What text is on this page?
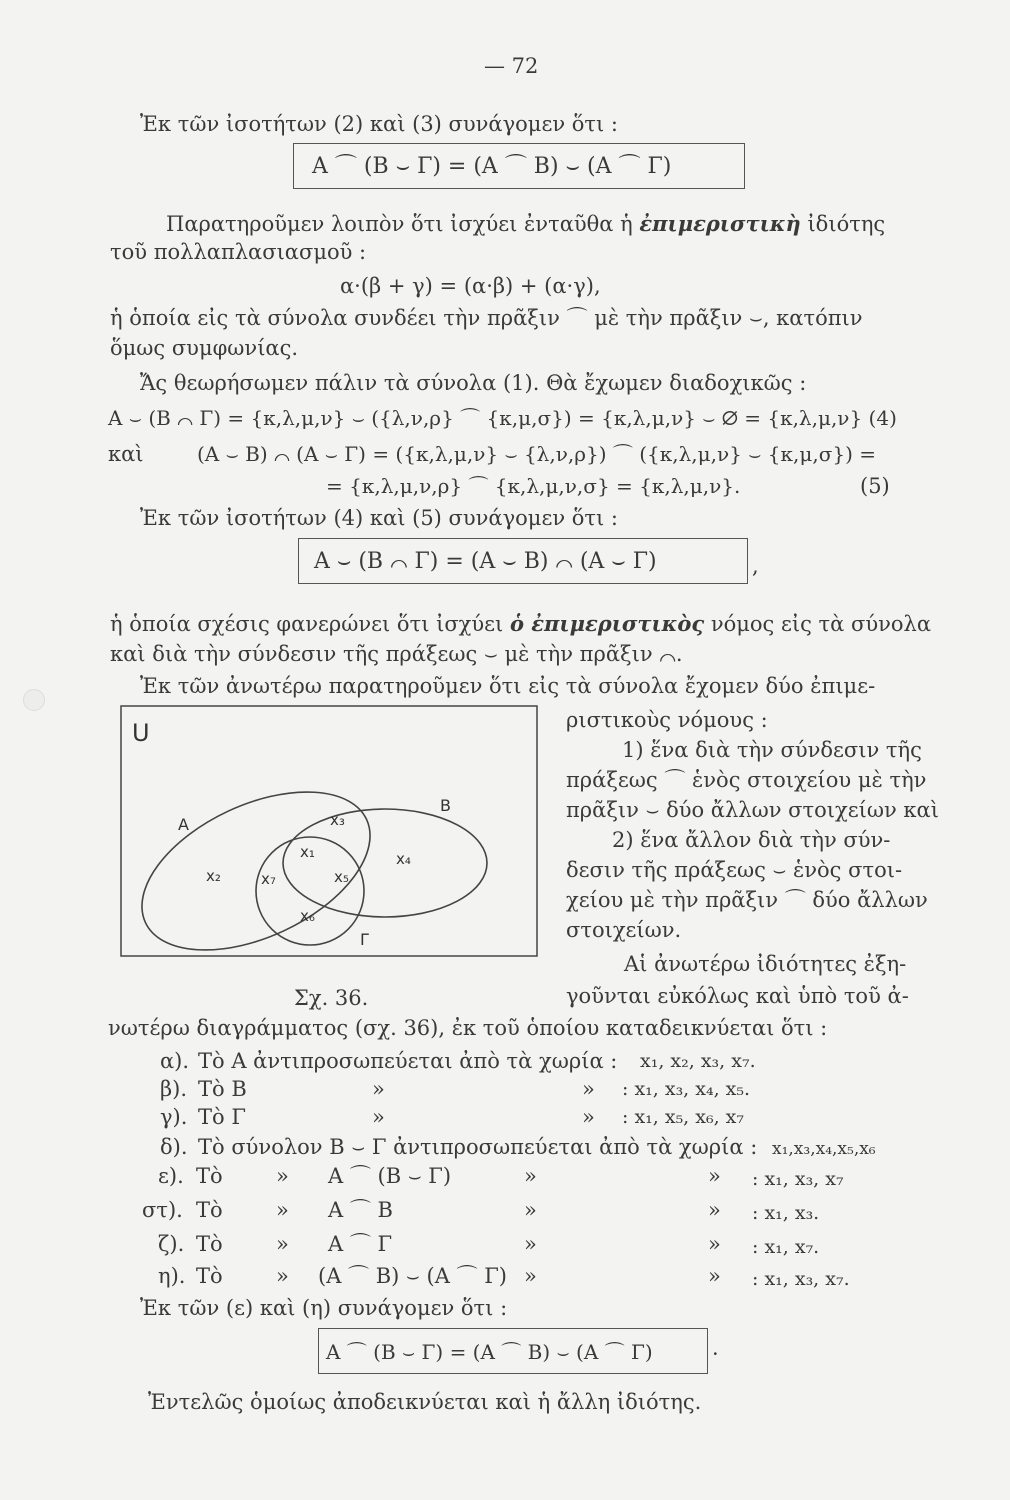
— 72
Ἐκ τῶν ἰσοτήτων (2) καὶ (3) συνάγομεν ὅτι :
A ⌒ (B ⌣ Γ) = (A ⌒ B) ⌣ (A ⌒ Γ)
Παρατηροῦμεν λοιπὸν ὅτι ἰσχύει ἐνταῦθα ἡ ἐπιμεριστικὴ ἰδιότης
τοῦ πολλαπλασιασμοῦ :
α·(β + γ) = (α·β) + (α·γ),
ἡ ὁποία εἰς τὰ σύνολα συνδέει τὴν πρᾶξιν ⌒ μὲ τὴν πρᾶξιν ⌣, κατόπιν
ὅμως συμφωνίας.
Ἄς θεωρήσωμεν πάλιν τὰ σύνολα (1). Θὰ ἔχωμεν διαδοχικῶς :
A ⌣ (B ⌒ Γ) = {κ,λ,μ,ν} ⌣ ({λ,ν,ρ} ⌒ {κ,μ,σ}) = {κ,λ,μ,ν} ⌣ ∅ = {κ,λ,μ,ν} (4)
καὶ	(A ⌣ B) ⌒ (A ⌣ Γ) = ({κ,λ,μ,ν} ⌣ {λ,ν,ρ}) ⌒ ({κ,λ,μ,ν} ⌣ {κ,μ,σ}) =
= {κ,λ,μ,ν,ρ} ⌒ {κ,λ,μ,ν,σ} = {κ,λ,μ,ν}.	(5)
Ἐκ τῶν ἰσοτήτων (4) καὶ (5) συνάγομεν ὅτι :
A ⌣ (B ⌒ Γ) = (A ⌣ B) ⌒ (A ⌣ Γ)	,
ἡ ὁποία σχέσις φανερώνει ὅτι ἰσχύει ὁ ἐπιμεριστικὸς νόμος εἰς τὰ σύνολα
καὶ διὰ τὴν σύνδεσιν τῆς πράξεως ⌣ μὲ τὴν πρᾶξιν ⌒.
Ἐκ τῶν ἀνωτέρω παρατηροῦμεν ὅτι εἰς τὰ σύνολα ἔχομεν δύο ἐπιμε-
ριστικοὺς νόμους :
1) ἕνα διὰ τὴν σύνδεσιν τῆς
πράξεως ⌒ ἑνὸς στοιχείου μὲ τὴν
πρᾶξιν ⌣ δύο ἄλλων στοιχείων καὶ
2) ἕνα ἄλλον διὰ τὴν σύν-
δεσιν τῆς πράξεως ⌣ ἑνὸς στοι-
χείου μὲ τὴν πρᾶξιν ⌒ δύο ἄλλων
στοιχείων.
Αἱ ἀνωτέρω ἰδιότητες ἐξη-
γοῦνται εὐκόλως καὶ ὑπὸ τοῦ ἀ-
U
A
B
Γ
x₁
x₂
x₃
x₄
x₅
x₆
x₇
Σχ. 36.
νωτέρω διαγράμματος (σχ. 36), ἐκ τοῦ ὁποίου καταδεικνύεται ὅτι :
α). Τὸ A ἀντιπροσωπεύεται ἀπὸ τὰ χωρία : x₁, x₂, x₃, x₇.
β). Τὸ B	»	» : x₁, x₃, x₄, x₅.
γ). Τὸ Γ	»	» : x₁, x₅, x₆, x₇
δ). Τὸ σύνολον B ⌣ Γ ἀντιπροσωπεύεται ἀπὸ τὰ χωρία : x₁,x₃,x₄,x₅,x₆
ε). Τὸ	» A ⌒ (B ⌣ Γ)	»	» : x₁, x₃, x₇
στ). Τὸ	» A ⌒ B	»	» : x₁, x₃.
ζ). Τὸ	» A ⌒ Γ	»	» : x₁, x₇.
η). Τὸ	» (A ⌒ B) ⌣ (A ⌒ Γ) »	» : x₁, x₃, x₇.
Ἐκ τῶν (ε) καὶ (η) συνάγομεν ὅτι :
A ⌒ (B ⌣ Γ) = (A ⌒ B) ⌣ (A ⌒ Γ)	·
Ἐντελῶς ὁμοίως ἀποδεικνύεται καὶ ἡ ἄλλη ἰδιότης.
